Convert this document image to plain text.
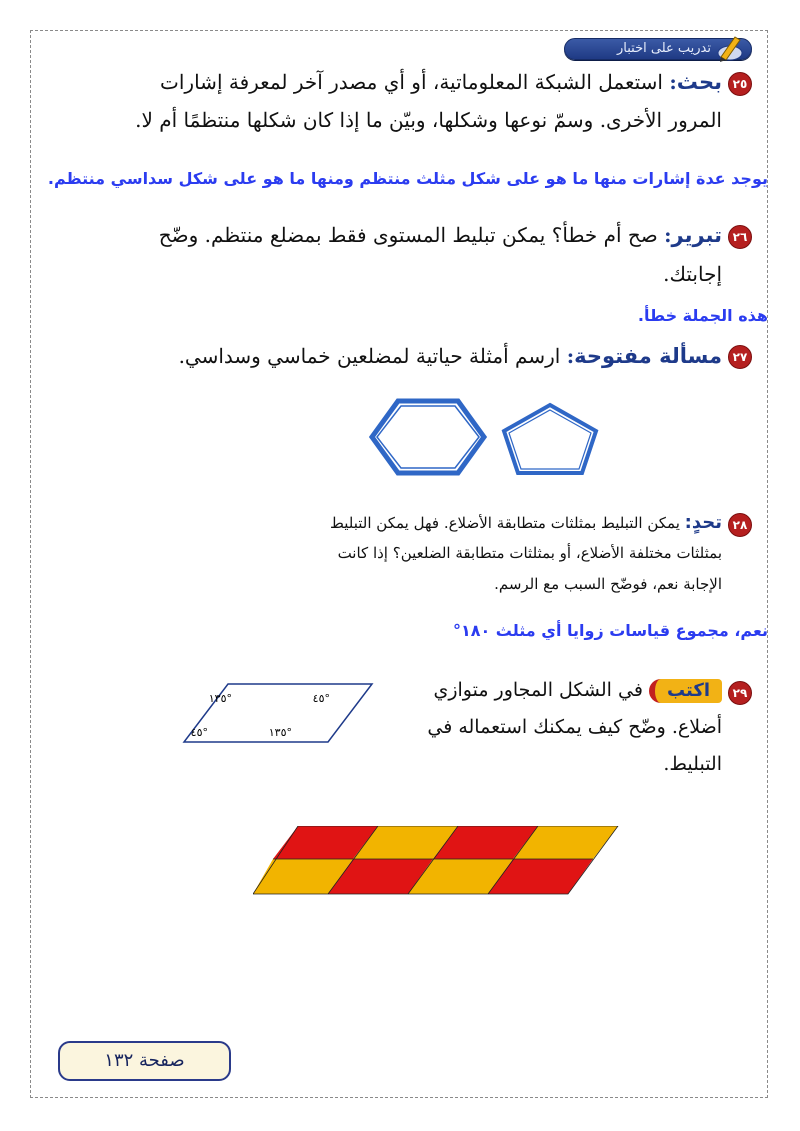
تدريب على اختبار
٢٥
بحث: استعمل الشبكة المعلوماتية، أو أي مصدر آخر لمعرفة إشارات
المرور الأخرى. وسمّ نوعها وشكلها، وبيّن ما إذا كان شكلها منتظمًا أم لا.
يوجد عدة إشارات منها ما هو على شكل مثلث منتظم ومنها ما هو على شكل سداسي منتظم.
٢٦
تبرير: صح أم خطأ؟ يمكن تبليط المستوى فقط بمضلع منتظم. وضّح
إجابتك.
هذه الجملة خطأ.
٢٧
مسألة مفتوحة: ارسم أمثلة حياتية لمضلعين خماسي وسداسي.
٢٨
تحدٍ: يمكن التبليط بمثلثات متطابقة الأضلاع. فهل يمكن التبليط
بمثلثات مختلفة الأضلاع، أو بمثلثات متطابقة الضلعين؟ إذا كانت
الإجابة نعم، فوضّح السبب مع الرسم.
نعم، مجموع قياسات زوايا أي مثلث ١٨٠°
٢٩
اكتب في الشكل المجاور متوازي
أضلاع. وضّح كيف يمكنك استعماله في
التبليط.
°١٣٥	°٤٥
°٤٥	°١٣٥
صفحة ١٣٢
